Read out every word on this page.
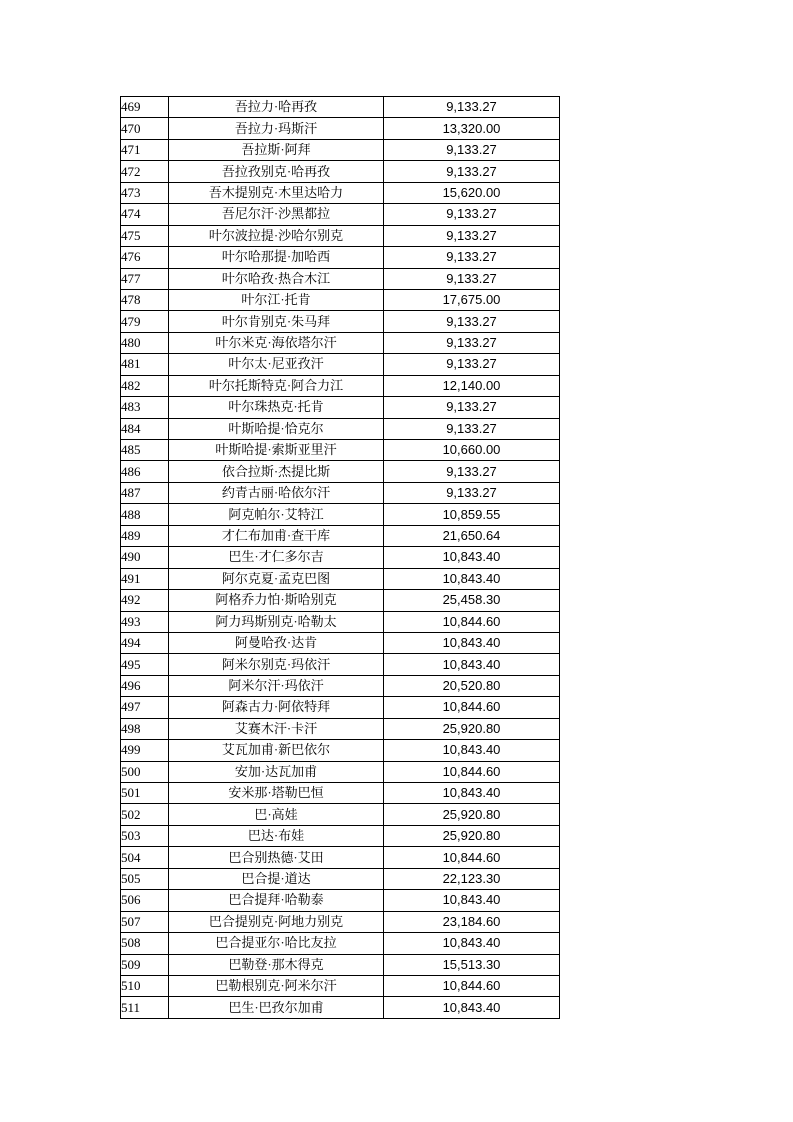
469	吾拉力·哈再孜	9,133.27
470	吾拉力·玛斯汗	13,320.00
471	吾拉斯·阿拜	9,133.27
472	吾拉孜别克·哈再孜	9,133.27
473	吾木提别克·木里达哈力	15,620.00
474	吾尼尔汗·沙黑都拉	9,133.27
475	叶尔波拉提·沙哈尔别克	9,133.27
476	叶尔哈那提·加哈西	9,133.27
477	叶尔哈孜·热合木江	9,133.27
478	叶尔江·托肯	17,675.00
479	叶尔肯别克·朱马拜	9,133.27
480	叶尔米克·海依塔尔汗	9,133.27
481	叶尔太·尼亚孜汗	9,133.27
482	叶尔托斯特克·阿合力江	12,140.00
483	叶尔珠热克·托肯	9,133.27
484	叶斯哈提·恰克尔	9,133.27
485	叶斯哈提·索斯亚里汗	10,660.00
486	依合拉斯·杰提比斯	9,133.27
487	约青古丽·哈依尔汗	9,133.27
488	阿克帕尔·艾特江	10,859.55
489	才仁布加甫·查干库	21,650.64
490	巴生·才仁多尔吉	10,843.40
491	阿尔克夏·孟克巴图	10,843.40
492	阿格乔力怕·斯哈别克	25,458.30
493	阿力玛斯别克·哈勒太	10,844.60
494	阿曼哈孜·达肯	10,843.40
495	阿米尔别克·玛依汗	10,843.40
496	阿米尔汗·玛依汗	20,520.80
497	阿森古力·阿依特拜	10,844.60
498	艾赛木汗·卡汗	25,920.80
499	艾瓦加甫·新巴依尔	10,843.40
500	安加·达瓦加甫	10,844.60
501	安米那·塔勒巴恒	10,843.40
502	巴·高娃	25,920.80
503	巴达·布娃	25,920.80
504	巴合别热德·艾田	10,844.60
505	巴合提·道达	22,123.30
506	巴合提拜·哈勒泰	10,843.40
507	巴合提别克·阿地力别克	23,184.60
508	巴合提亚尔·哈比友拉	10,843.40
509	巴勒登·那木得克	15,513.30
510	巴勒根别克·阿米尔汗	10,844.60
511	巴生·巴孜尔加甫	10,843.40
